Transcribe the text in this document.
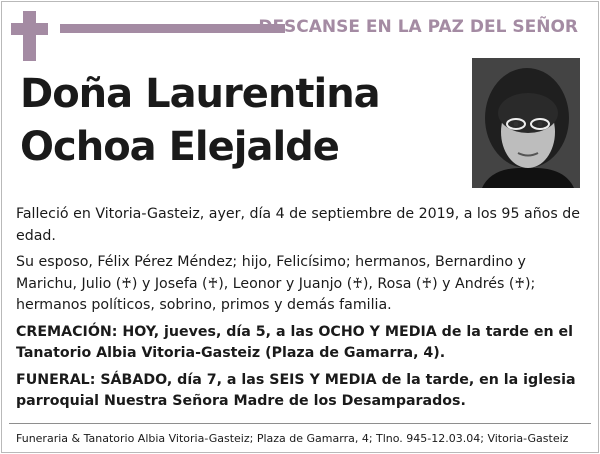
DESCANSE EN LA PAZ DEL SEÑOR
Doña Laurentina
Ochoa Elejalde

Falleció en Vitoria-Gasteiz, ayer, día 4 de septiembre de 2019, a los 95 años de edad.

Su esposo, Félix Pérez Méndez; hijo, Felicísimo; hermanos, Bernardino y Marichu, Julio (♰) y Josefa (♰), Leonor y Juanjo (♰), Rosa (♰) y Andrés (♰); hermanos políticos, sobrino, primos y demás familia.

CREMACIÓN: HOY, jueves, día 5, a las OCHO Y MEDIA de la tarde en el Tanatorio Albia Vitoria-Gasteiz (Plaza de Gamarra, 4).

FUNERAL: SÁBADO, día 7, a las SEIS Y MEDIA de la tarde, en la iglesia parroquial Nuestra Señora Madre de los Desamparados.

Funeraria & Tanatorio Albia Vitoria-Gasteiz; Plaza de Gamarra, 4; Tlno. 945-12.03.04; Vitoria-Gasteiz
